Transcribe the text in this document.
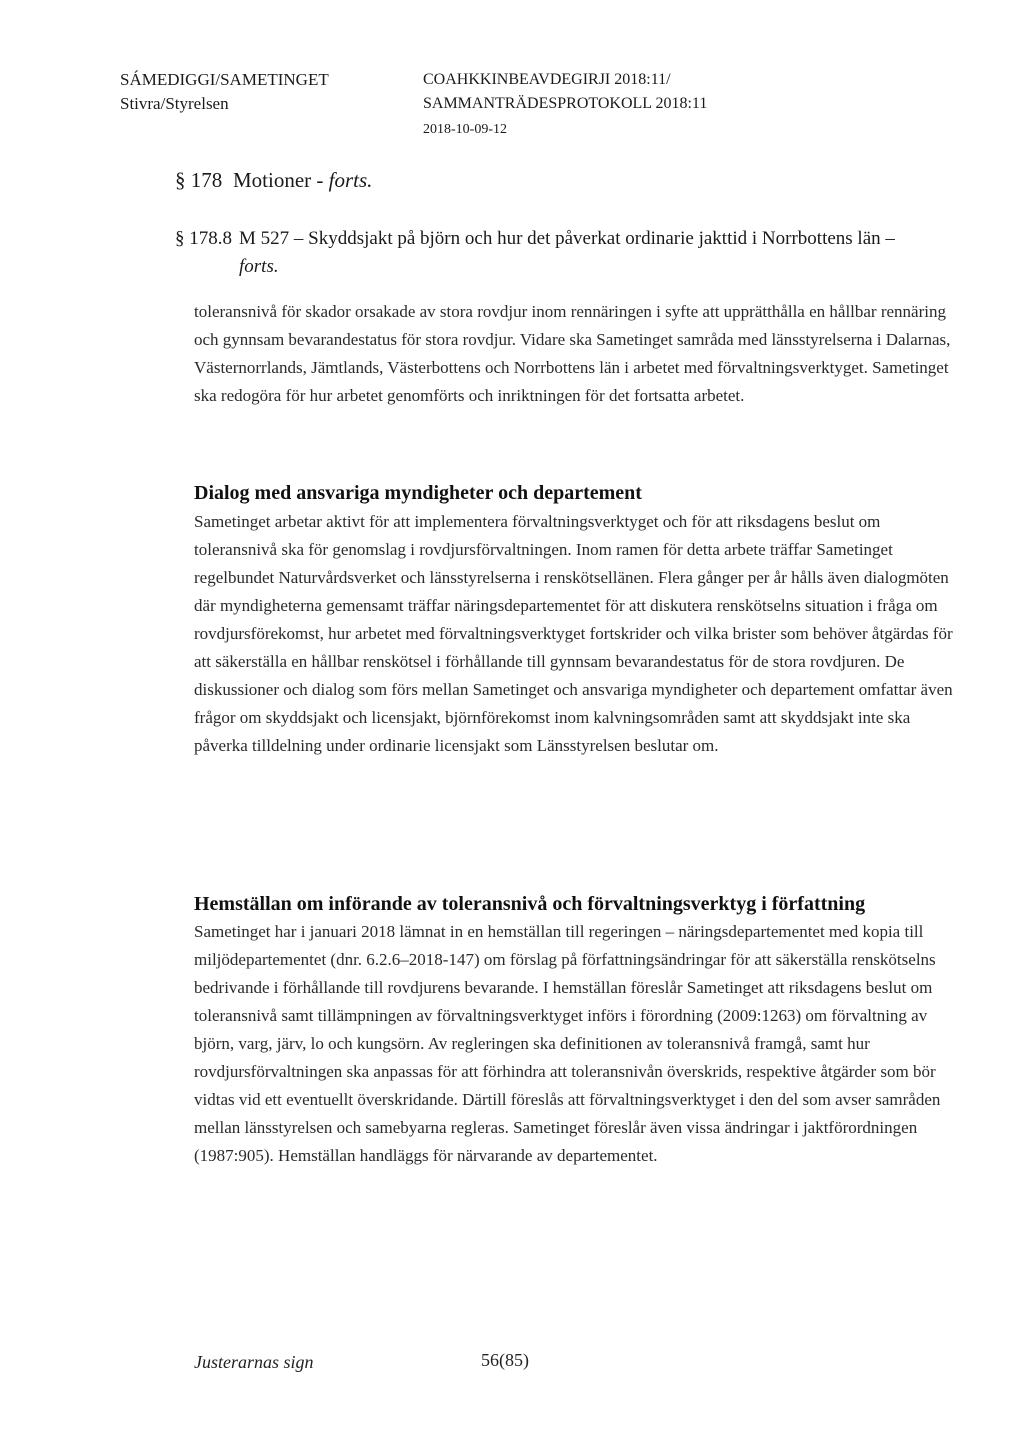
SÁMEDIGGI/SAMETINGET
Stivra/Styrelsen
COAHKKINBEAVDEGIRJI 2018:11/
SAMMANTRÄDESPROTOKOLL 2018:11
2018-10-09-12
§ 178 Motioner - forts.
§ 178.8 M 527 – Skyddsjakt på björn och hur det påverkat ordinarie jakttid i Norrbottens län –
forts.
toleransnivå för skador orsakade av stora rovdjur inom rennäringen i syfte att upprätthålla en hållbar rennäring och gynnsam bevarandestatus för stora rovdjur. Vidare ska Sametinget samråda med länsstyrelserna i Dalarnas, Västernorrlands, Jämtlands, Västerbottens och Norrbottens län i arbetet med förvaltningsverktyget. Sametinget ska redogöra för hur arbetet genomförts och inriktningen för det fortsatta arbetet.
Dialog med ansvariga myndigheter och departement
Sametinget arbetar aktivt för att implementera förvaltningsverktyget och för att riksdagens beslut om toleransnivå ska för genomslag i rovdjursförvaltningen. Inom ramen för detta arbete träffar Sametinget regelbundet Naturvårdsverket och länsstyrelserna i renskötsellänen. Flera gånger per år hålls även dialogmöten där myndigheterna gemensamt träffar näringsdepartementet för att diskutera renskötselns situation i fråga om rovdjursförekomst, hur arbetet med förvaltningsverktyget fortskrider och vilka brister som behöver åtgärdas för att säkerställa en hållbar renskötsel i förhållande till gynnsam bevarandestatus för de stora rovdjuren. De diskussioner och dialog som förs mellan Sametinget och ansvariga myndigheter och departement omfattar även frågor om skyddsjakt och licensjakt, björnförekomst inom kalvningsområden samt att skyddsjakt inte ska påverka tilldelning under ordinarie licensjakt som Länsstyrelsen beslutar om.
Hemställan om införande av toleransnivå och förvaltningsverktyg i författning
Sametinget har i januari 2018 lämnat in en hemställan till regeringen – näringsdepartementet med kopia till miljödepartementet (dnr. 6.2.6–2018-147) om förslag på författningsändringar för att säkerställa renskötselns bedrivande i förhållande till rovdjurens bevarande. I hemställan föreslår Sametinget att riksdagens beslut om toleransnivå samt tillämpningen av förvaltningsverktyget införs i förordning (2009:1263) om förvaltning av björn, varg, järv, lo och kungsörn. Av regleringen ska definitionen av toleransnivå framgå, samt hur rovdjursförvaltningen ska anpassas för att förhindra att toleransnivån överskrids, respektive åtgärder som bör vidtas vid ett eventuellt överskridande. Därtill föreslås att förvaltningsverktyget i den del som avser samråden mellan länsstyrelsen och samebyarna regleras. Sametinget föreslår även vissa ändringar i jaktförordningen (1987:905). Hemställan handläggs för närvarande av departementet.
Justerarnas sign	56(85)
